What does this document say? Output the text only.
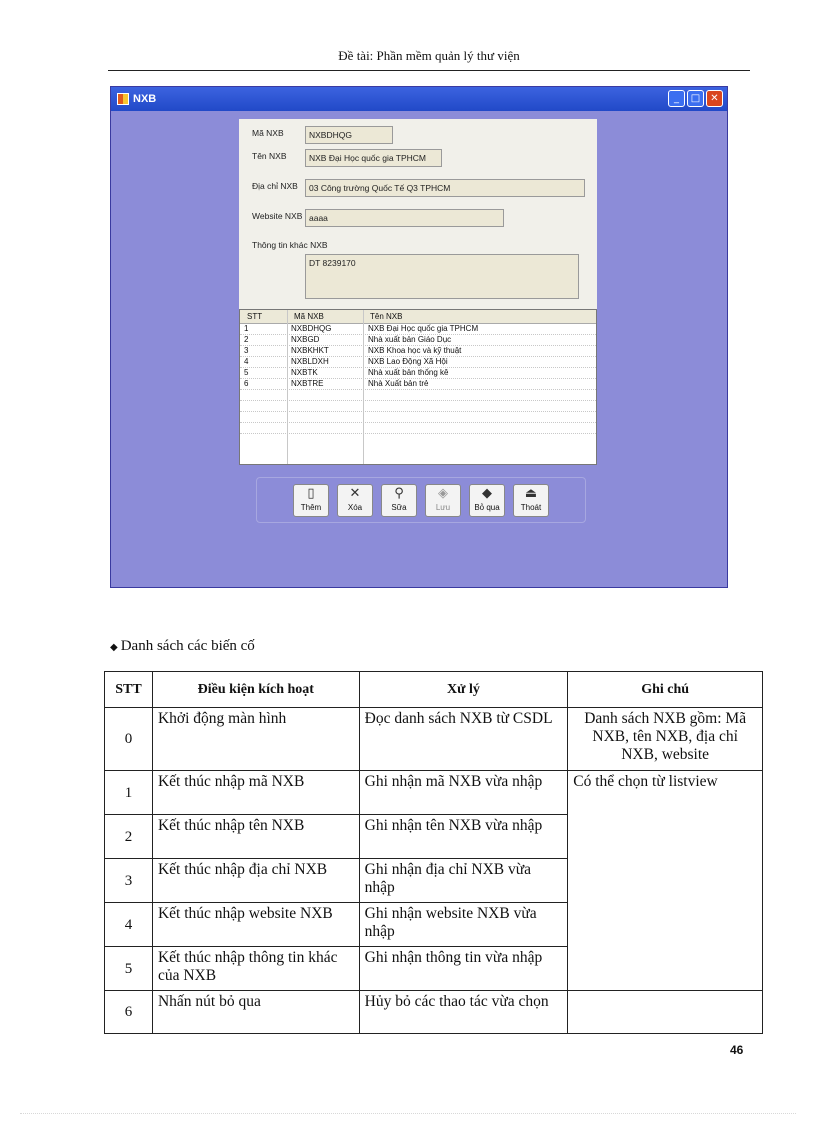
Đề tài: Phần mềm quản lý thư viện
NXB	_	□	✕
Mã NXB	NXBDHQG
Tên NXB	NXB Đại Học quốc gia TPHCM
Địa chỉ NXB	03 Công trường Quốc Tế Q3 TPHCM
Website NXB aaaa
Thông tin khác NXB
DT 8239170
STT	Mã NXB	Tên NXB
1	NXBDHQG	NXB Đại Học quốc gia TPHCM
2	NXBGD	Nhà xuất bản Giáo Dục
3	NXBKHKT	NXB Khoa học và kỹ thuật
4	NXBLDXH	NXB Lao Động Xã Hội
5	NXBTK	Nhà xuất bản thống kê
6	NXBTRE	Nhà Xuất bản trẻ
▯
Thêm
✕
Xóa
⚲
Sữa
◈
Lưu
◆
Bỏ qua
⏏
Thoát
◆ Danh sách các biến cố
STT	Điều kiện kích hoạt	Xử lý	Ghi chú
0	Khởi động màn hình	Đọc danh sách NXB từ CSDL	Danh sách NXB gồm: Mã NXB, tên NXB, địa chỉ NXB, website
1	Kết thúc nhập mã NXB	Ghi nhận mã NXB vừa nhập	Có thể chọn từ listview
2	Kết thúc nhập tên NXB	Ghi nhận tên NXB vừa nhập	
3	Kết thúc nhập địa chỉ NXB	Ghi nhận địa chỉ NXB vừa nhập	
4	Kết thúc nhập website NXB	Ghi nhận website NXB vừa nhập	
5	Kết thúc nhập thông tin khác của NXB	Ghi nhận thông tin vừa nhập	
6	Nhấn nút bỏ qua	Hủy bỏ các thao tác vừa chọn	
46
